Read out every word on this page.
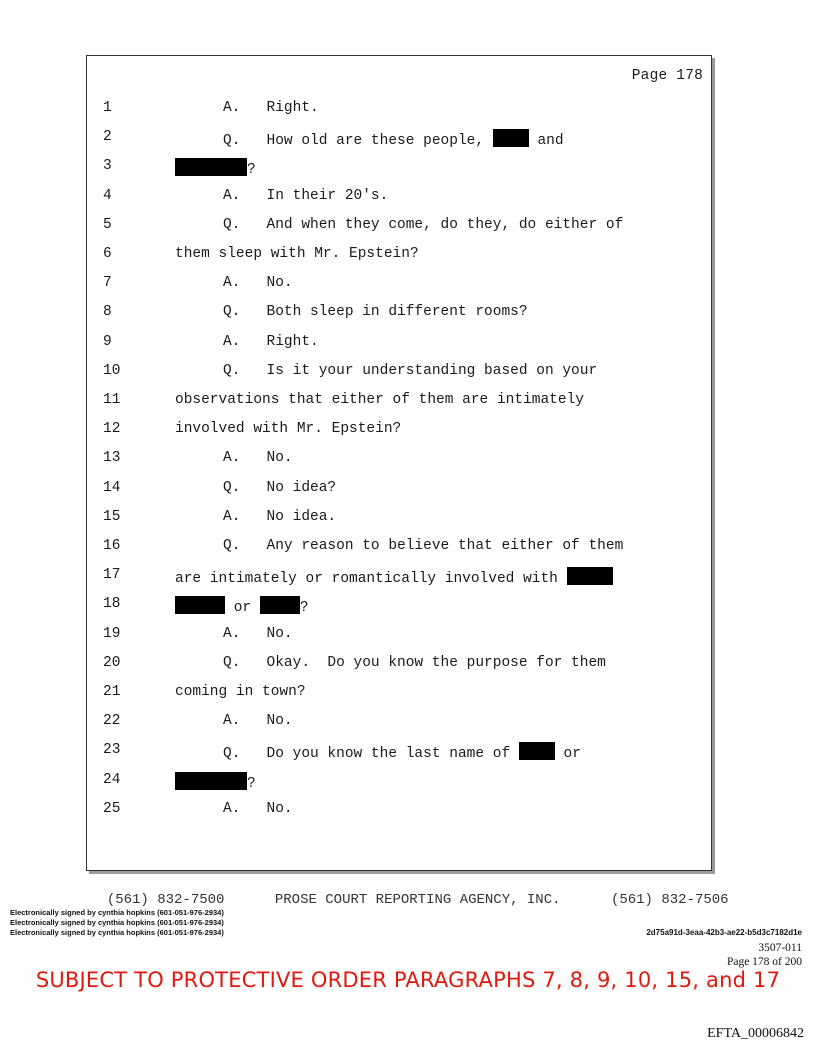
Page 178
1	A.   Right.
2	Q.   How old are these people,  and
3	?
4	A.   In their 20's.
5	Q.   And when they come, do they, do either of
6	them sleep with Mr. Epstein?
7	A.   No.
8	Q.   Both sleep in different rooms?
9	A.   Right.
10	Q.   Is it your understanding based on your
11	observations that either of them are intimately
12	involved with Mr. Epstein?
13	A.   No.
14	Q.   No idea?
15	A.   No idea.
16	Q.   Any reason to believe that either of them
17	are intimately or romantically involved with
18	or	?
19	A.   No.
20	Q.   Okay.  Do you know the purpose for them
21	coming in town?
22	A.   No.
23	Q.   Do you know the last name of  or
24	?
25	A.   No.

(561) 832-7500	PROSE COURT REPORTING AGENCY, INC.	(561) 832-7506

Electronically signed by cynthia hopkins (601-051-976-2934)
Electronically signed by cynthia hopkins (601-051-976-2934)
Electronically signed by cynthia hopkins (601-051-976-2934)	2d75a91d-3eaa-42b3-ae22-b5d3c7182d1e
3507-011
Page 178 of 200
SUBJECT TO PROTECTIVE ORDER PARAGRAPHS 7, 8, 9, 10, 15, and 17
EFTA_00006842
